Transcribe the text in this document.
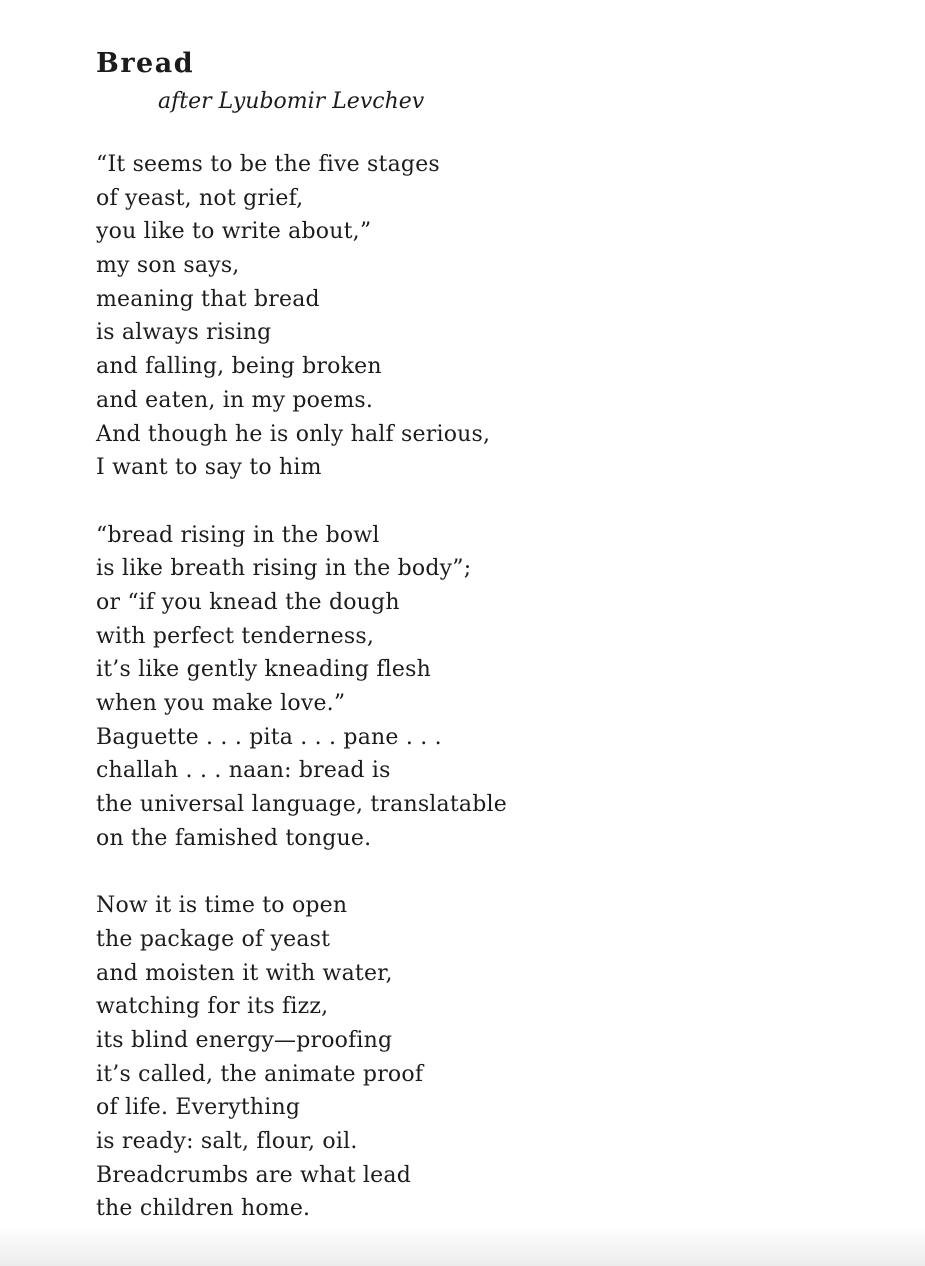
Bread

after Lyubomir Levchev

“It seems to be the five stages
of yeast, not grief,
you like to write about,”
my son says,
meaning that bread
is always rising
and falling, being broken
and eaten, in my poems.
And though he is only half serious,
I want to say to him
“bread rising in the bowl
is like breath rising in the body”;
or “if you knead the dough
with perfect tenderness,
it’s like gently kneading flesh
when you make love.”
Baguette . . . pita . . . pane . . .
challah . . . naan: bread is
the universal language, translatable
on the famished tongue.
Now it is time to open
the package of yeast
and moisten it with water,
watching for its fizz,
its blind energy—proofing
it’s called, the animate proof
of life. Everything
is ready: salt, flour, oil.
Breadcrumbs are what lead
the children home.
